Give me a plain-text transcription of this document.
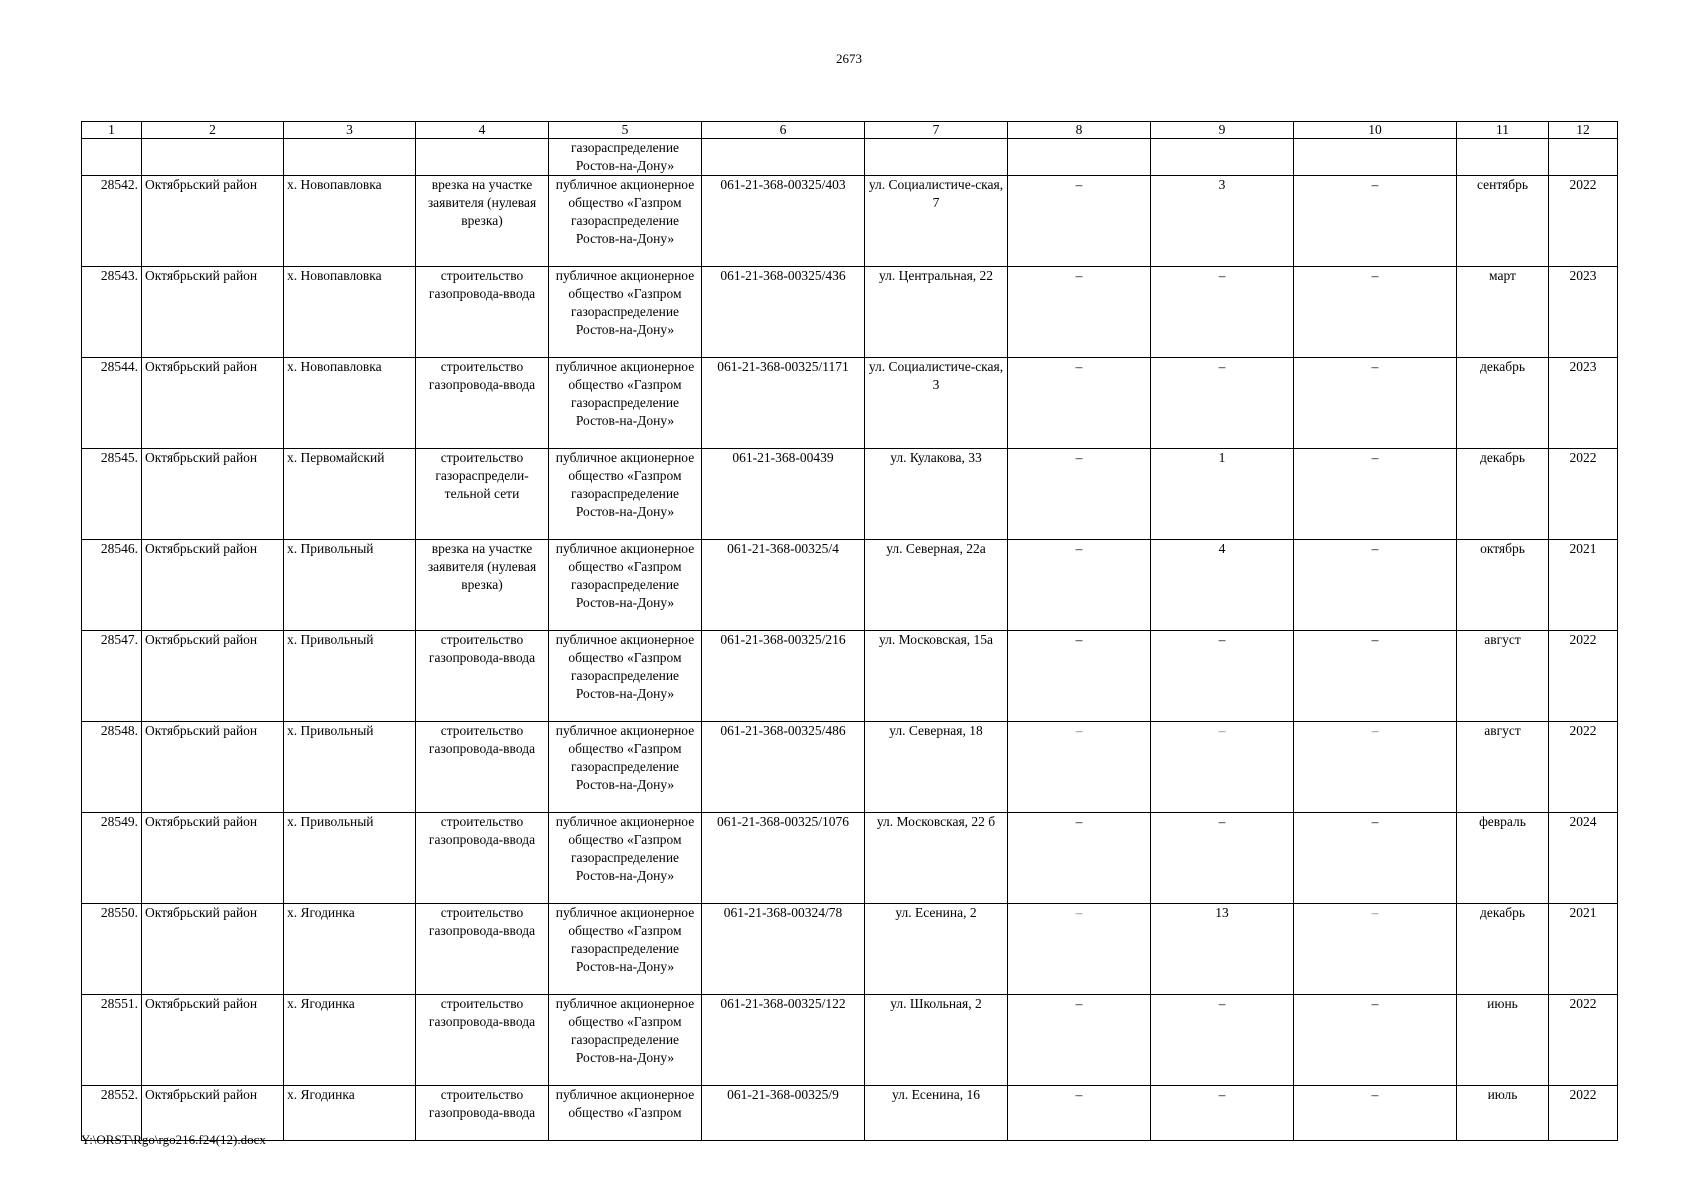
2673
1	2	3	4	5	6	7	8	9	10	11	12
				газораспределение Ростов-на-Дону»							
28542.	Октябрьский район	х. Новопавловка	врезка на участке заявителя (нулевая врезка)	публичное акционерное общество «Газпром газораспределение Ростов-на-Дону»	061-21-368-00325/403	ул. Социалистиче-ская, 7	–	3	–	сентябрь	2022
28543.	Октябрьский район	х. Новопавловка	строительство газопровода-ввода	публичное акционерное общество «Газпром газораспределение Ростов-на-Дону»	061-21-368-00325/436	ул. Центральная, 22	–	–	–	март	2023
28544.	Октябрьский район	х. Новопавловка	строительство газопровода-ввода	публичное акционерное общество «Газпром газораспределение Ростов-на-Дону»	061-21-368-00325/1171	ул. Социалистиче-ская, 3	–	–	–	декабрь	2023
28545.	Октябрьский район	х. Первомайский	строительство газораспредели-тельной сети	публичное акционерное общество «Газпром газораспределение Ростов-на-Дону»	061-21-368-00439	ул. Кулакова, 33	–	1	–	декабрь	2022
28546.	Октябрьский район	х. Привольный	врезка на участке заявителя (нулевая врезка)	публичное акционерное общество «Газпром газораспределение Ростов-на-Дону»	061-21-368-00325/4	ул. Северная, 22а	–	4	–	октябрь	2021
28547.	Октябрьский район	х. Привольный	строительство газопровода-ввода	публичное акционерное общество «Газпром газораспределение Ростов-на-Дону»	061-21-368-00325/216	ул. Московская, 15а	–	–	–	август	2022
28548.	Октябрьский район	х. Привольный	строительство газопровода-ввода	публичное акционерное общество «Газпром газораспределение Ростов-на-Дону»	061-21-368-00325/486	ул. Северная, 18	–	–	–	август	2022
28549.	Октябрьский район	х. Привольный	строительство газопровода-ввода	публичное акционерное общество «Газпром газораспределение Ростов-на-Дону»	061-21-368-00325/1076	ул. Московская, 22 б	–	–	–	февраль	2024
28550.	Октябрьский район	х. Ягодинка	строительство газопровода-ввода	публичное акционерное общество «Газпром газораспределение Ростов-на-Дону»	061-21-368-00324/78	ул. Есенина, 2	–	13	–	декабрь	2021
28551.	Октябрьский район	х. Ягодинка	строительство газопровода-ввода	публичное акционерное общество «Газпром газораспределение Ростов-на-Дону»	061-21-368-00325/122	ул. Школьная, 2	–	–	–	июнь	2022
28552.	Октябрьский район	х. Ягодинка	строительство газопровода-ввода	публичное акционерное общество «Газпром	061-21-368-00325/9	ул. Есенина, 16	–	–	–	июль	2022
Y:\ORST\Rgo\rgo216.f24(12).docx
